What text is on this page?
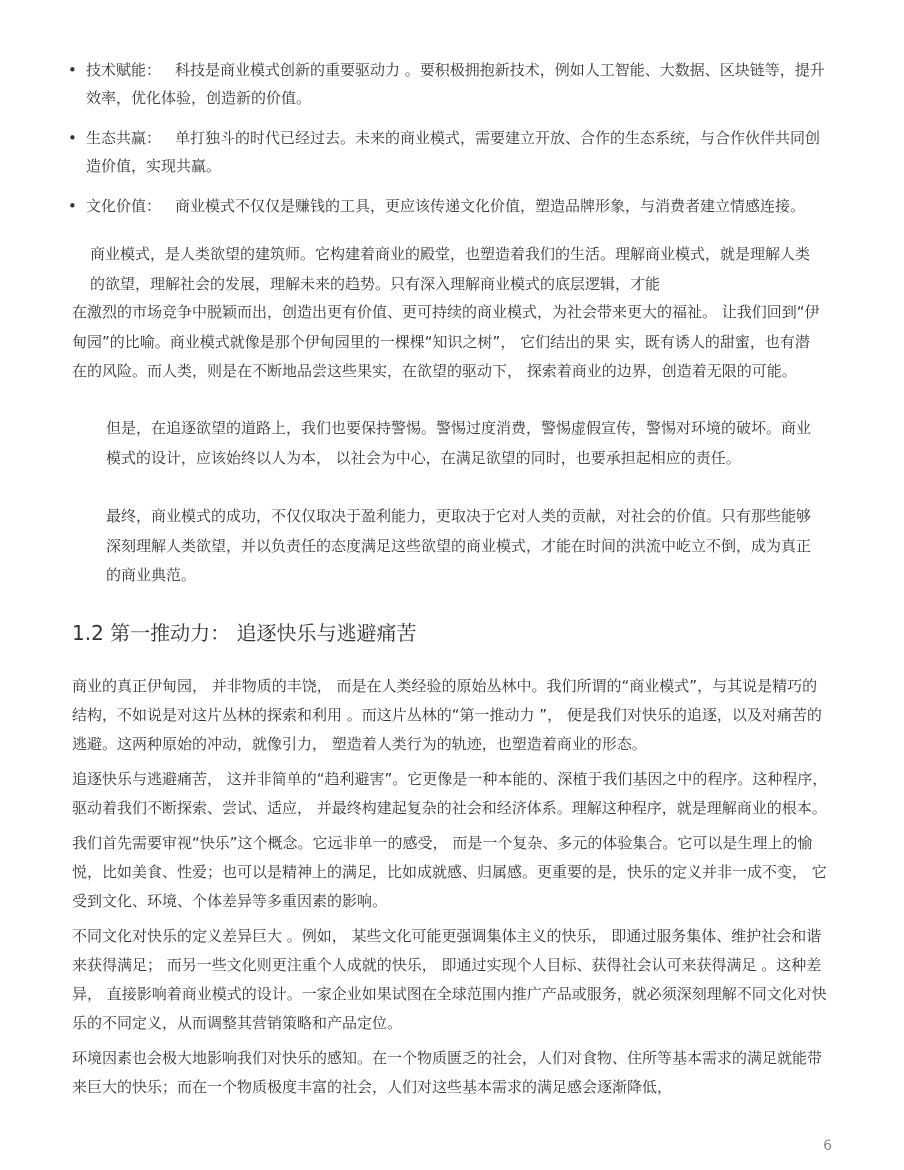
• 技术赋能： 科技是商业模式创新的重要驱动力 。要积极拥抱新技术，例如人工智能、大数据、区块链等，提升效率，优化体验，创造新的价值。
• 生态共赢： 单打独斗的时代已经过去。未来的商业模式，需要建立开放、合作的生态系统，与合作伙伴共同创造价值，实现共赢。
• 文化价值： 商业模式不仅仅是赚钱的工具，更应该传递文化价值，塑造品牌形象，与消费者建立情感连接。
商业模式，是人类欲望的建筑师。它构建着商业的殿堂，也塑造着我们的生活。理解商业模式，就是理解人类的欲望，理解社会的发展，理解未来的趋势。只有深入理解商业模式的底层逻辑，才能
在激烈的市场竞争中脱颖而出，创造出更有价值、更可持续的商业模式，为社会带来更大的福祉。 让我们回到“伊甸园”的比喻。商业模式就像是那个伊甸园里的一棵棵“知识之树”， 它们结出的果 实，既有诱人的甜蜜，也有潜在的风险。而人类，则是在不断地品尝这些果实，在欲望的驱动下， 探索着商业的边界，创造着无限的可能。
但是，在追逐欲望的道路上，我们也要保持警惕。警惕过度消费，警惕虚假宣传，警惕对环境的破坏。商业模式的设计，应该始终以人为本， 以社会为中心，在满足欲望的同时，也要承担起相应的责任。
最终，商业模式的成功，不仅仅取决于盈利能力，更取决于它对人类的贡献，对社会的价值。只有那些能够深刻理解人类欲望，并以负责任的态度满足这些欲望的商业模式，才能在时间的洪流中屹立不倒，成为真正的商业典范。
1.2 第一推动力： 追逐快乐与逃避痛苦

商业的真正伊甸园， 并非物质的丰饶， 而是在人类经验的原始丛林中。我们所谓的“商业模式”，与其说是精巧的结构，不如说是对这片丛林的探索和利用 。而这片丛林的“第一推动力 ”， 便是我们对快乐的追逐，以及对痛苦的逃避。这两种原始的冲动，就像引力， 塑造着人类行为的轨迹，也塑造着商业的形态。

追逐快乐与逃避痛苦， 这并非简单的“趋利避害”。它更像是一种本能的、深植于我们基因之中的程序。这种程序，驱动着我们不断探索、尝试、适应， 并最终构建起复杂的社会和经济体系。理解这种程序，就是理解商业的根本。

我们首先需要审视“快乐”这个概念。它远非单一的感受， 而是一个复杂、多元的体验集合。它可以是生理上的愉悦，比如美食、性爱；也可以是精神上的满足，比如成就感、归属感。更重要的是，快乐的定义并非一成不变， 它受到文化、环境、个体差异等多重因素的影响。

不同文化对快乐的定义差异巨大 。例如， 某些文化可能更强调集体主义的快乐， 即通过服务集体、维护社会和谐来获得满足； 而另一些文化则更注重个人成就的快乐， 即通过实现个人目标、获得社会认可来获得满足 。这种差异， 直接影响着商业模式的设计。一家企业如果试图在全球范围内推广产品或服务，就必须深刻理解不同文化对快乐的不同定义，从而调整其营销策略和产品定位。

环境因素也会极大地影响我们对快乐的感知。在一个物质匮乏的社会，人们对食物、住所等基本需求的满足就能带来巨大的快乐；而在一个物质极度丰富的社会，人们对这些基本需求的满足感会逐渐降低，

6
